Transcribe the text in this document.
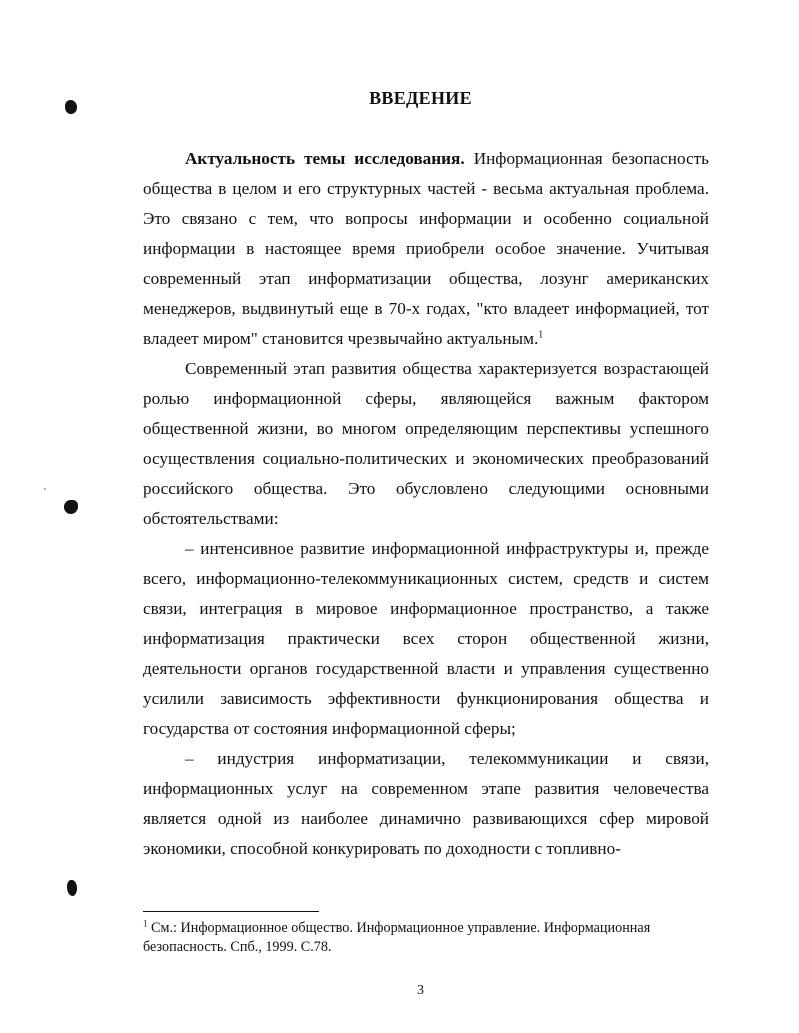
ВВЕДЕНИЕ

Актуальность темы исследования. Информационная безопасность общества в целом и его структурных частей - весьма актуальная проблема. Это связано с тем, что вопросы информации и особенно социальной информации в настоящее время приобрели особое значение. Учитывая современный этап информатизации общества, лозунг американских менеджеров, выдвинутый еще в 70-х годах, "кто владеет информацией, тот владеет миром" становится чрезвычайно актуальным.$^1$

Современный этап развития общества характеризуется возрастающей ролью информационной сферы, являющейся важным фактором общественной жизни, во многом определяющим перспективы успешного осуществления социально-политических и экономических преобразований российского общества. Это обусловлено следующими основными обстоятельствами:

– интенсивное развитие информационной инфраструктуры и, прежде всего, информационно-телекоммуникационных систем, средств и систем связи, интеграция в мировое информационное пространство, а также информатизация практически всех сторон общественной жизни, деятельности органов государственной власти и управления существенно усилили зависимость эффективности функционирования общества и государства от состояния информационной сферы;

– индустрия информатизации, телекоммуникации и связи, информационных услуг на современном этапе развития человечества является одной из наиболее динамично развивающихся сфер мировой экономики, способной конкурировать по доходности с топливно-

$^1$ См.: Информационное общество. Информационное управление. Информационная безопасность. Спб., 1999. С.78.
3
